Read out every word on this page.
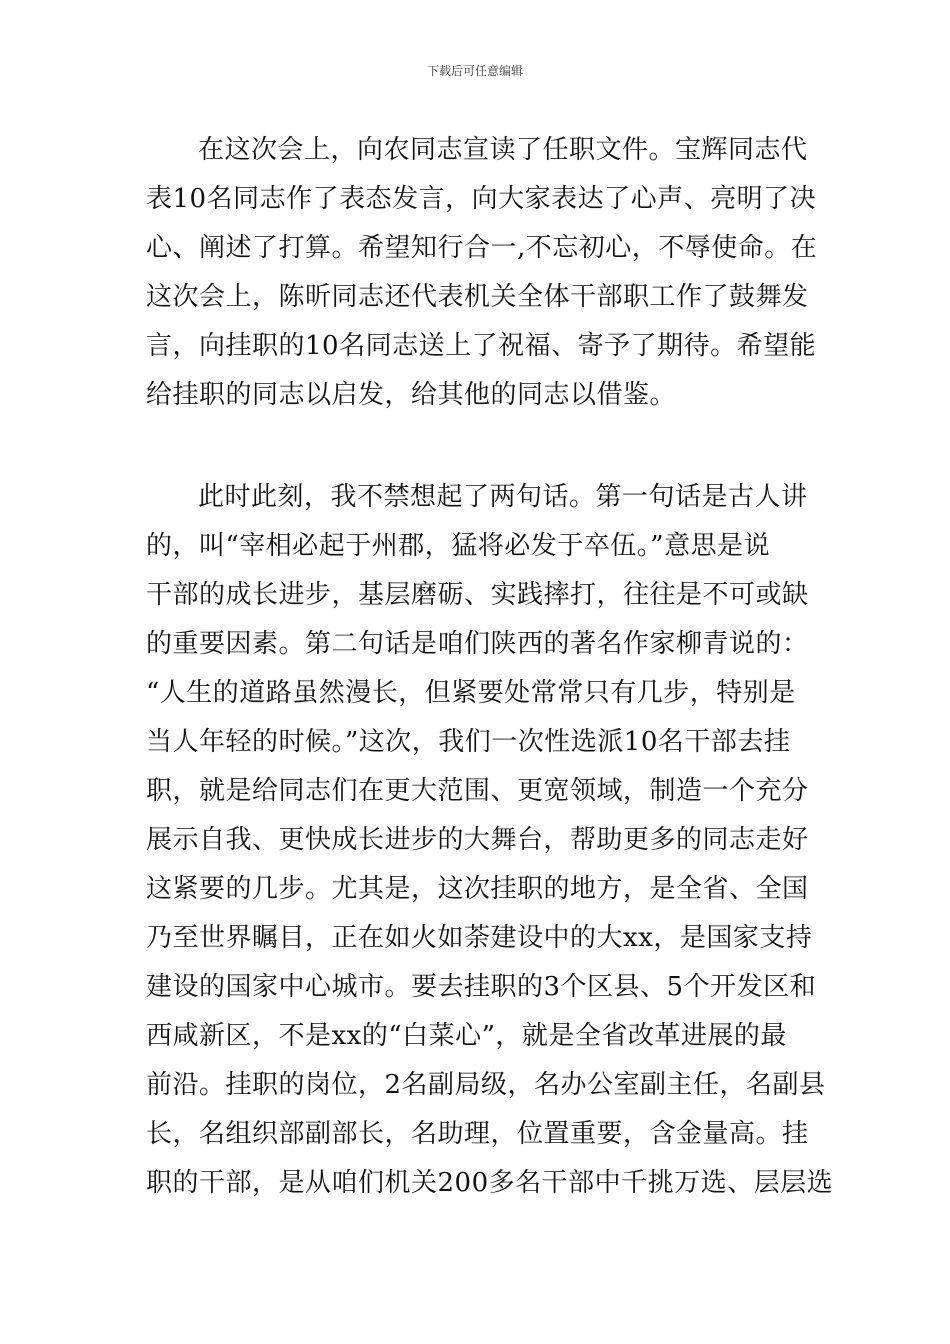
下载后可任意编辑
在这次会上，向农同志宣读了任职文件。宝辉同志代
表10名同志作了表态发言，向大家表达了心声、亮明了决
心、阐述了打算。希望知行合一,不忘初心，不辱使命。在
这次会上，陈昕同志还代表机关全体干部职工作了鼓舞发
言，向挂职的10名同志送上了祝福、寄予了期待。希望能
给挂职的同志以启发，给其他的同志以借鉴。
此时此刻，我不禁想起了两句话。第一句话是古人讲
的，叫“宰相必起于州郡，猛将必发于卒伍。”意思是说
干部的成长进步，基层磨砺、实践摔打，往往是不可或缺
的重要因素。第二句话是咱们陕西的著名作家柳青说的：
“人生的道路虽然漫长，但紧要处常常只有几步，特别是
当人年轻的时候。”这次，我们一次性选派10名干部去挂
职，就是给同志们在更大范围、更宽领域，制造一个充分
展示自我、更快成长进步的大舞台，帮助更多的同志走好
这紧要的几步。尤其是，这次挂职的地方，是全省、全国
乃至世界瞩目，正在如火如荼建设中的大xx，是国家支持
建设的国家中心城市。要去挂职的3个区县、5个开发区和
西咸新区，不是xx的“白菜心”，就是全省改革进展的最
前沿。挂职的岗位，2名副局级，名办公室副主任，名副县
长，名组织部副部长，名助理，位置重要，含金量高。挂
职的干部，是从咱们机关200多名干部中千挑万选、层层选
